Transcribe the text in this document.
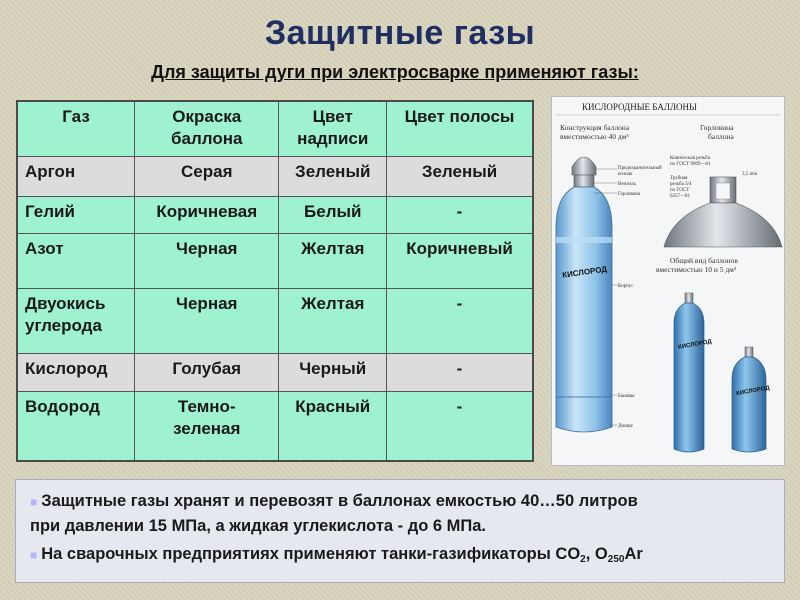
Защитные газы
Для защиты дуги при электросварке применяют газы:
Газ	Окраска баллона	Цвет надписи	Цвет полосы
Аргон	Серая	Зеленый	Зеленый
Гелий	Коричневая	Белый	-
Азот	Черная	Желтая	Коричневый
Двуокись углерода	Черная	Желтая	-
Кислород	Голубая	Черный	-
Водород	Темно-зеленая	Красный	-
КИСЛОРОДНЫЕ БАЛЛОНЫ
Конструкция баллона
вместимостью 40 дм³
Горловина
баллона
КИСЛОРОД
Предохранительный
колпак
Вентиль
Горловина
Корпус
Башмак
Днище
Коническая резьба
по ГОСТ 9909—81
Трубная
резьба 3/4
по ГОСТ
6357—81
3,5 min
Общий вид баллонов
вместимостью 10 и 5 дм³
КИСЛОРОД
КИСЛОРОД
■ Защитные газы хранят и перевозят в баллонах емкостью 40…50 литров
при давлении 15 МПа, а жидкая углекислота - до 6 МПа.
■ На сварочных предприятиях применяют танки-газификаторы $CO_2$, $O_{250}Ar$
